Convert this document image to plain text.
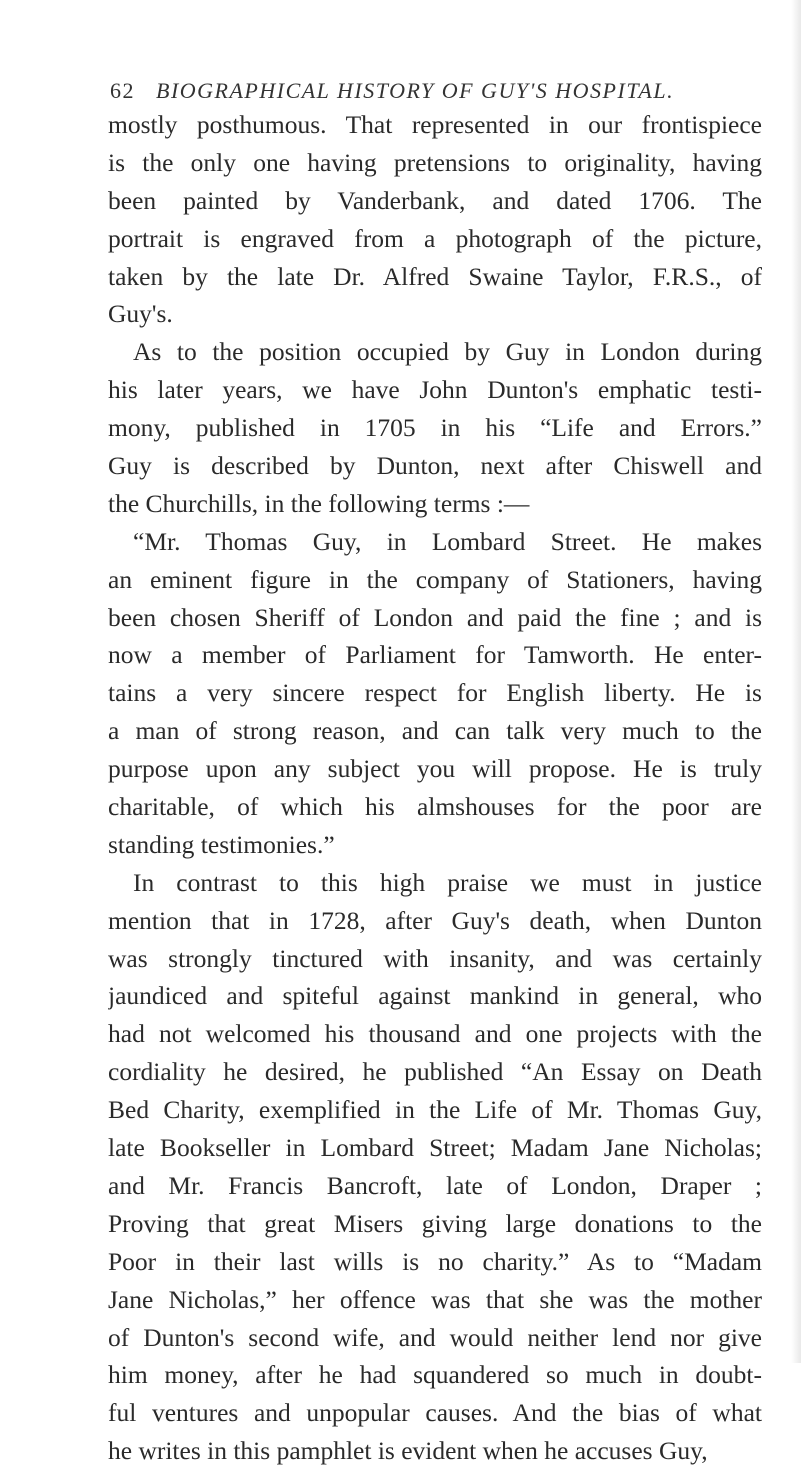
62 BIOGRAPHICAL HISTORY OF GUY'S HOSPITAL.
mostly posthumous. That represented in our frontispiece
is the only one having pretensions to originality, having
been painted by Vanderbank, and dated 1706. The
portrait is engraved from a photograph of the picture,
taken by the late Dr. Alfred Swaine Taylor, F.R.S., of
Guy's.
As to the position occupied by Guy in London during
his later years, we have John Dunton's emphatic testi-
mony, published in 1705 in his “Life and Errors.”
Guy is described by Dunton, next after Chiswell and
the Churchills, in the following terms :—
“Mr. Thomas Guy, in Lombard Street. He makes
an eminent figure in the company of Stationers, having
been chosen Sheriff of London and paid the fine ; and is
now a member of Parliament for Tamworth. He enter-
tains a very sincere respect for English liberty. He is
a man of strong reason, and can talk very much to the
purpose upon any subject you will propose. He is truly
charitable, of which his almshouses for the poor are
standing testimonies.”
In contrast to this high praise we must in justice
mention that in 1728, after Guy's death, when Dunton
was strongly tinctured with insanity, and was certainly
jaundiced and spiteful against mankind in general, who
had not welcomed his thousand and one projects with the
cordiality he desired, he published “An Essay on Death
Bed Charity, exemplified in the Life of Mr. Thomas Guy,
late Bookseller in Lombard Street; Madam Jane Nicholas;
and Mr. Francis Bancroft, late of London, Draper ;
Proving that great Misers giving large donations to the
Poor in their last wills is no charity.” As to “Madam
Jane Nicholas,” her offence was that she was the mother
of Dunton's second wife, and would neither lend nor give
him money, after he had squandered so much in doubt-
ful ventures and unpopular causes. And the bias of what
he writes in this pamphlet is evident when he accuses Guy,
